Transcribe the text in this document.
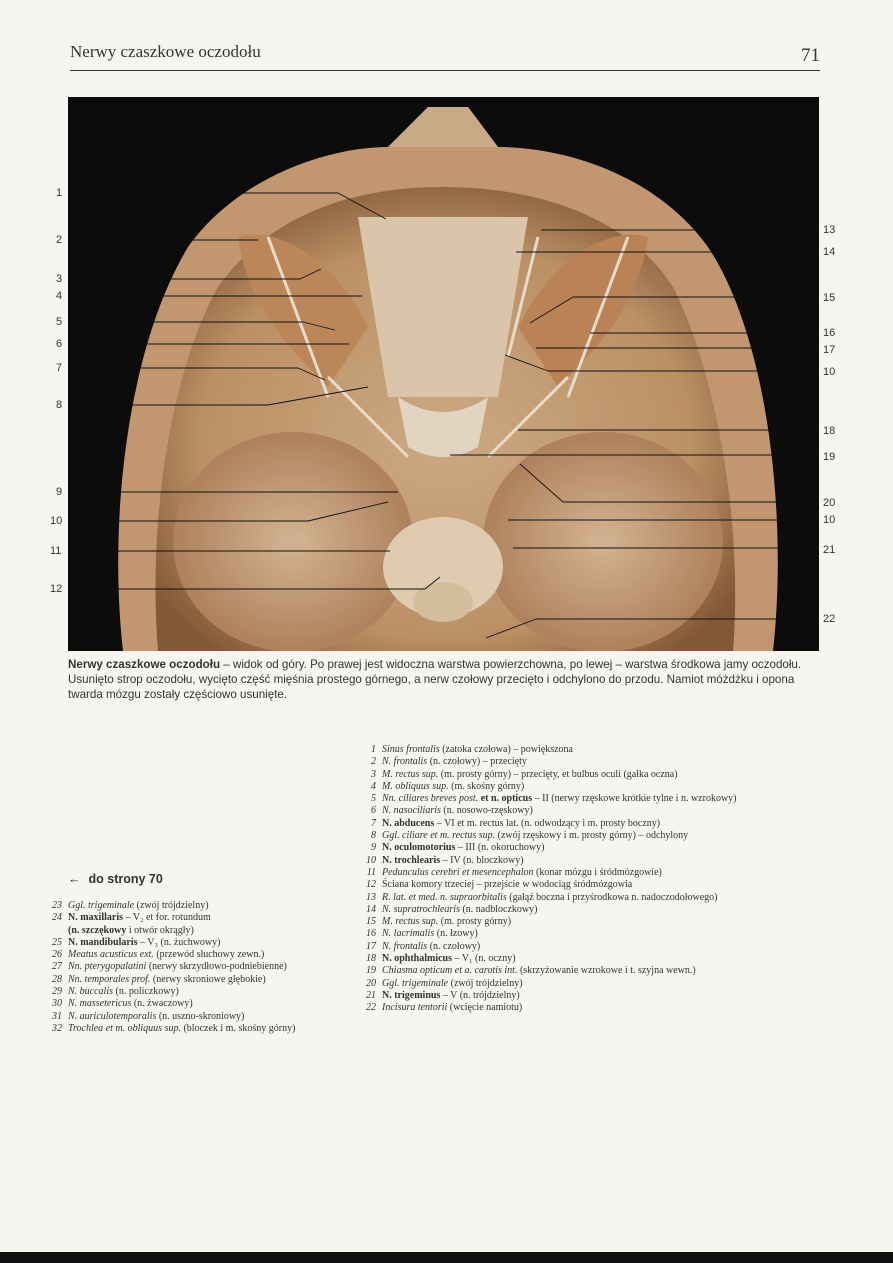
Nerwy czaszkowe oczodołu	71
1
2
3
4
5
6
7
8
9
10
11
12
13
14
15
16
17
10
18
19
20
10
21
22
Nerwy czaszkowe oczodołu – widok od góry. Po prawej jest widoczna warstwa powierzchowna, po lewej – warstwa środkowa jamy oczodołu. Usunięto strop oczodołu, wycięto część mięśnia prostego górnego, a nerw czołowy przecięto i odchylono do przodu. Namiot móżdżku i opona twarda mózgu zostały częściowo usunięte.
← do strony 70
1 Sinus frontalis (zatoka czołowa) – powiększona
2 N. frontalis (n. czołowy) – przecięty
3 M. rectus sup. (m. prosty górny) – przecięty, et bulbus oculi (gałka oczna)
4 M. obliquus sup. (m. skośny górny)
5 Nn. ciliares breves post. et n. opticus – II (nerwy rzęskowe krótkie tylne i n. wzrokowy)
6 N. nasociliaris (n. nosowo-rzęskowy)
7 N. abducens – VI et m. rectus lat. (n. odwodzący i m. prosty boczny)
8 Ggl. ciliare et m. rectus sup. (zwój rzęskowy i m. prosty górny) – odchylony
9 N. oculomotorius – III (n. okoruchowy)
10 N. trochlearis – IV (n. bloczkowy)
11 Pedunculus cerebri et mesencephalon (konar mózgu i śródmózgowie)
12 Ściana komory trzeciej – przejście w wodociąg śródmózgowia
13 R. lat. et med. n. supraorbitalis (gałąź boczna i przyśrodkowa n. nadoczodołowego)
14 N. supratrochlearis (n. nadbloczkowy)
15 M. rectus sup. (m. prosty górny)
16 N. lacrimalis (n. łzowy)
17 N. frontalis (n. czołowy)
18 N. ophthalmicus – V₁ (n. oczny)
19 Chiasma opticum et a. carotis int. (skrzyżowanie wzrokowe i t. szyjna wewn.)
20 Ggl. trigeminale (zwój trójdzielny)
21 N. trigeminus – V (n. trójdzielny)
22 Incisura tentorii (wcięcie namiotu)
23 Ggl. trigeminale (zwój trójdzielny)
24 N. maxillaris – V₂ et for. rotundum
(n. szczękowy i otwór okrągły)
25 N. mandibularis – V₃ (n. żuchwowy)
26 Meatus acusticus ext. (przewód słuchowy zewn.)
27 Nn. pterygopalatini (nerwy skrzydłowo-podniebienne)
28 Nn. temporales prof. (nerwy skroniowe głębokie)
29 N. buccalis (n. policzkowy)
30 N. massetericus (n. żwaczowy)
31 N. auriculotemporalis (n. uszno-skroniowy)
32 Trochlea et m. obliquus sup. (bloczek i m. skośny górny)
